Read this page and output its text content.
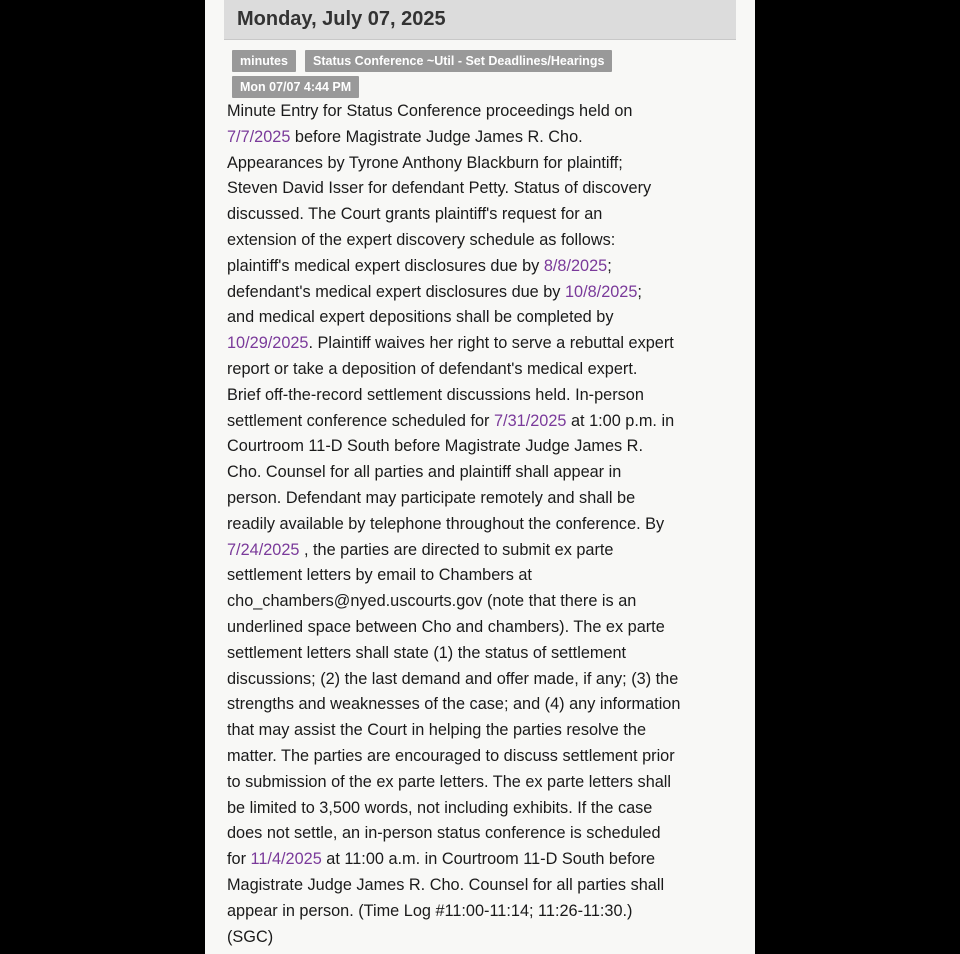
Monday, July 07, 2025
minutes	Status Conference ~Util - Set Deadlines/Hearings
Mon 07/07 4:44 PM
Minute Entry for Status Conference proceedings held on
7/7/2025 before Magistrate Judge James R. Cho.
Appearances by Tyrone Anthony Blackburn for plaintiff;
Steven David Isser for defendant Petty. Status of discovery
discussed. The Court grants plaintiff's request for an
extension of the expert discovery schedule as follows:
plaintiff's medical expert disclosures due by 8/8/2025;
defendant's medical expert disclosures due by 10/8/2025;
and medical expert depositions shall be completed by
10/29/2025. Plaintiff waives her right to serve a rebuttal expert
report or take a deposition of defendant's medical expert.
Brief off-the-record settlement discussions held. In-person
settlement conference scheduled for 7/31/2025 at 1:00 p.m. in
Courtroom 11-D South before Magistrate Judge James R.
Cho. Counsel for all parties and plaintiff shall appear in
person. Defendant may participate remotely and shall be
readily available by telephone throughout the conference. By
7/24/2025 , the parties are directed to submit ex parte
settlement letters by email to Chambers at
cho_chambers@nyed.uscourts.gov (note that there is an
underlined space between Cho and chambers). The ex parte
settlement letters shall state (1) the status of settlement
discussions; (2) the last demand and offer made, if any; (3) the
strengths and weaknesses of the case; and (4) any information
that may assist the Court in helping the parties resolve the
matter. The parties are encouraged to discuss settlement prior
to submission of the ex parte letters. The ex parte letters shall
be limited to 3,500 words, not including exhibits. If the case
does not settle, an in-person status conference is scheduled
for 11/4/2025 at 11:00 a.m. in Courtroom 11-D South before
Magistrate Judge James R. Cho. Counsel for all parties shall
appear in person. (Time Log #11:00-11:14; 11:26-11:30.)
(SGC)
